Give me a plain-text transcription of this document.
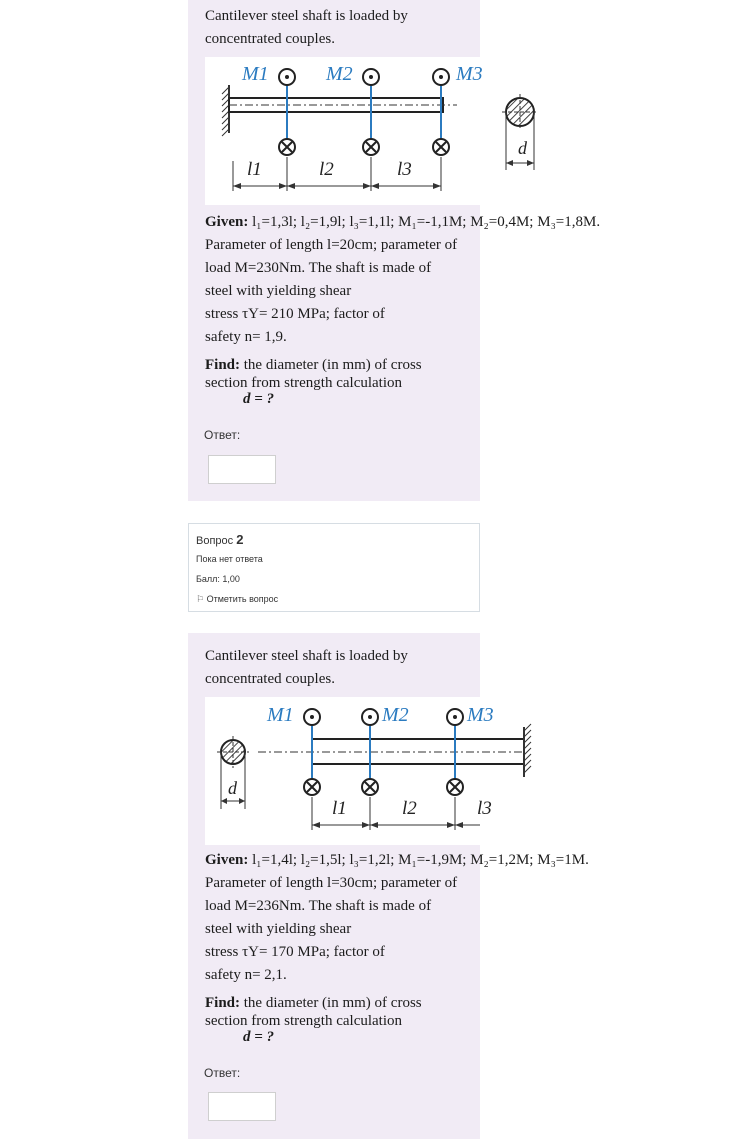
Cantilever steel shaft is loaded by
concentrated couples.
M1	M2	M3
l1	l2	l3
d
Given: l₁=1,3l; l₂=1,9l; l₃=1,1l; M₁=-1,1M; M₂=0,4M; M₃=1,8M.
Parameter of length l=20cm; parameter of
load M=230Nm. The shaft is made of
steel with yielding shear
stress τY= 210 MPa; factor of
safety n= 1,9.
Find: the diameter (in mm) of cross
section from strength calculation
d = ?
Ответ:
Вопрос 2
Пока нет ответа
Балл: 1,00
⚐ Отметить вопрос
Cantilever steel shaft is loaded by
concentrated couples.
d
M1	M2	M3
l1	l2	l3
Given: l₁=1,4l; l₂=1,5l; l₃=1,2l; M₁=-1,9M; M₂=1,2M; M₃=1M.
Parameter of length l=30cm; parameter of
load M=236Nm. The shaft is made of
steel with yielding shear
stress τY= 170 MPa; factor of
safety n= 2,1.
Find: the diameter (in mm) of cross
section from strength calculation
d = ?
Ответ:
